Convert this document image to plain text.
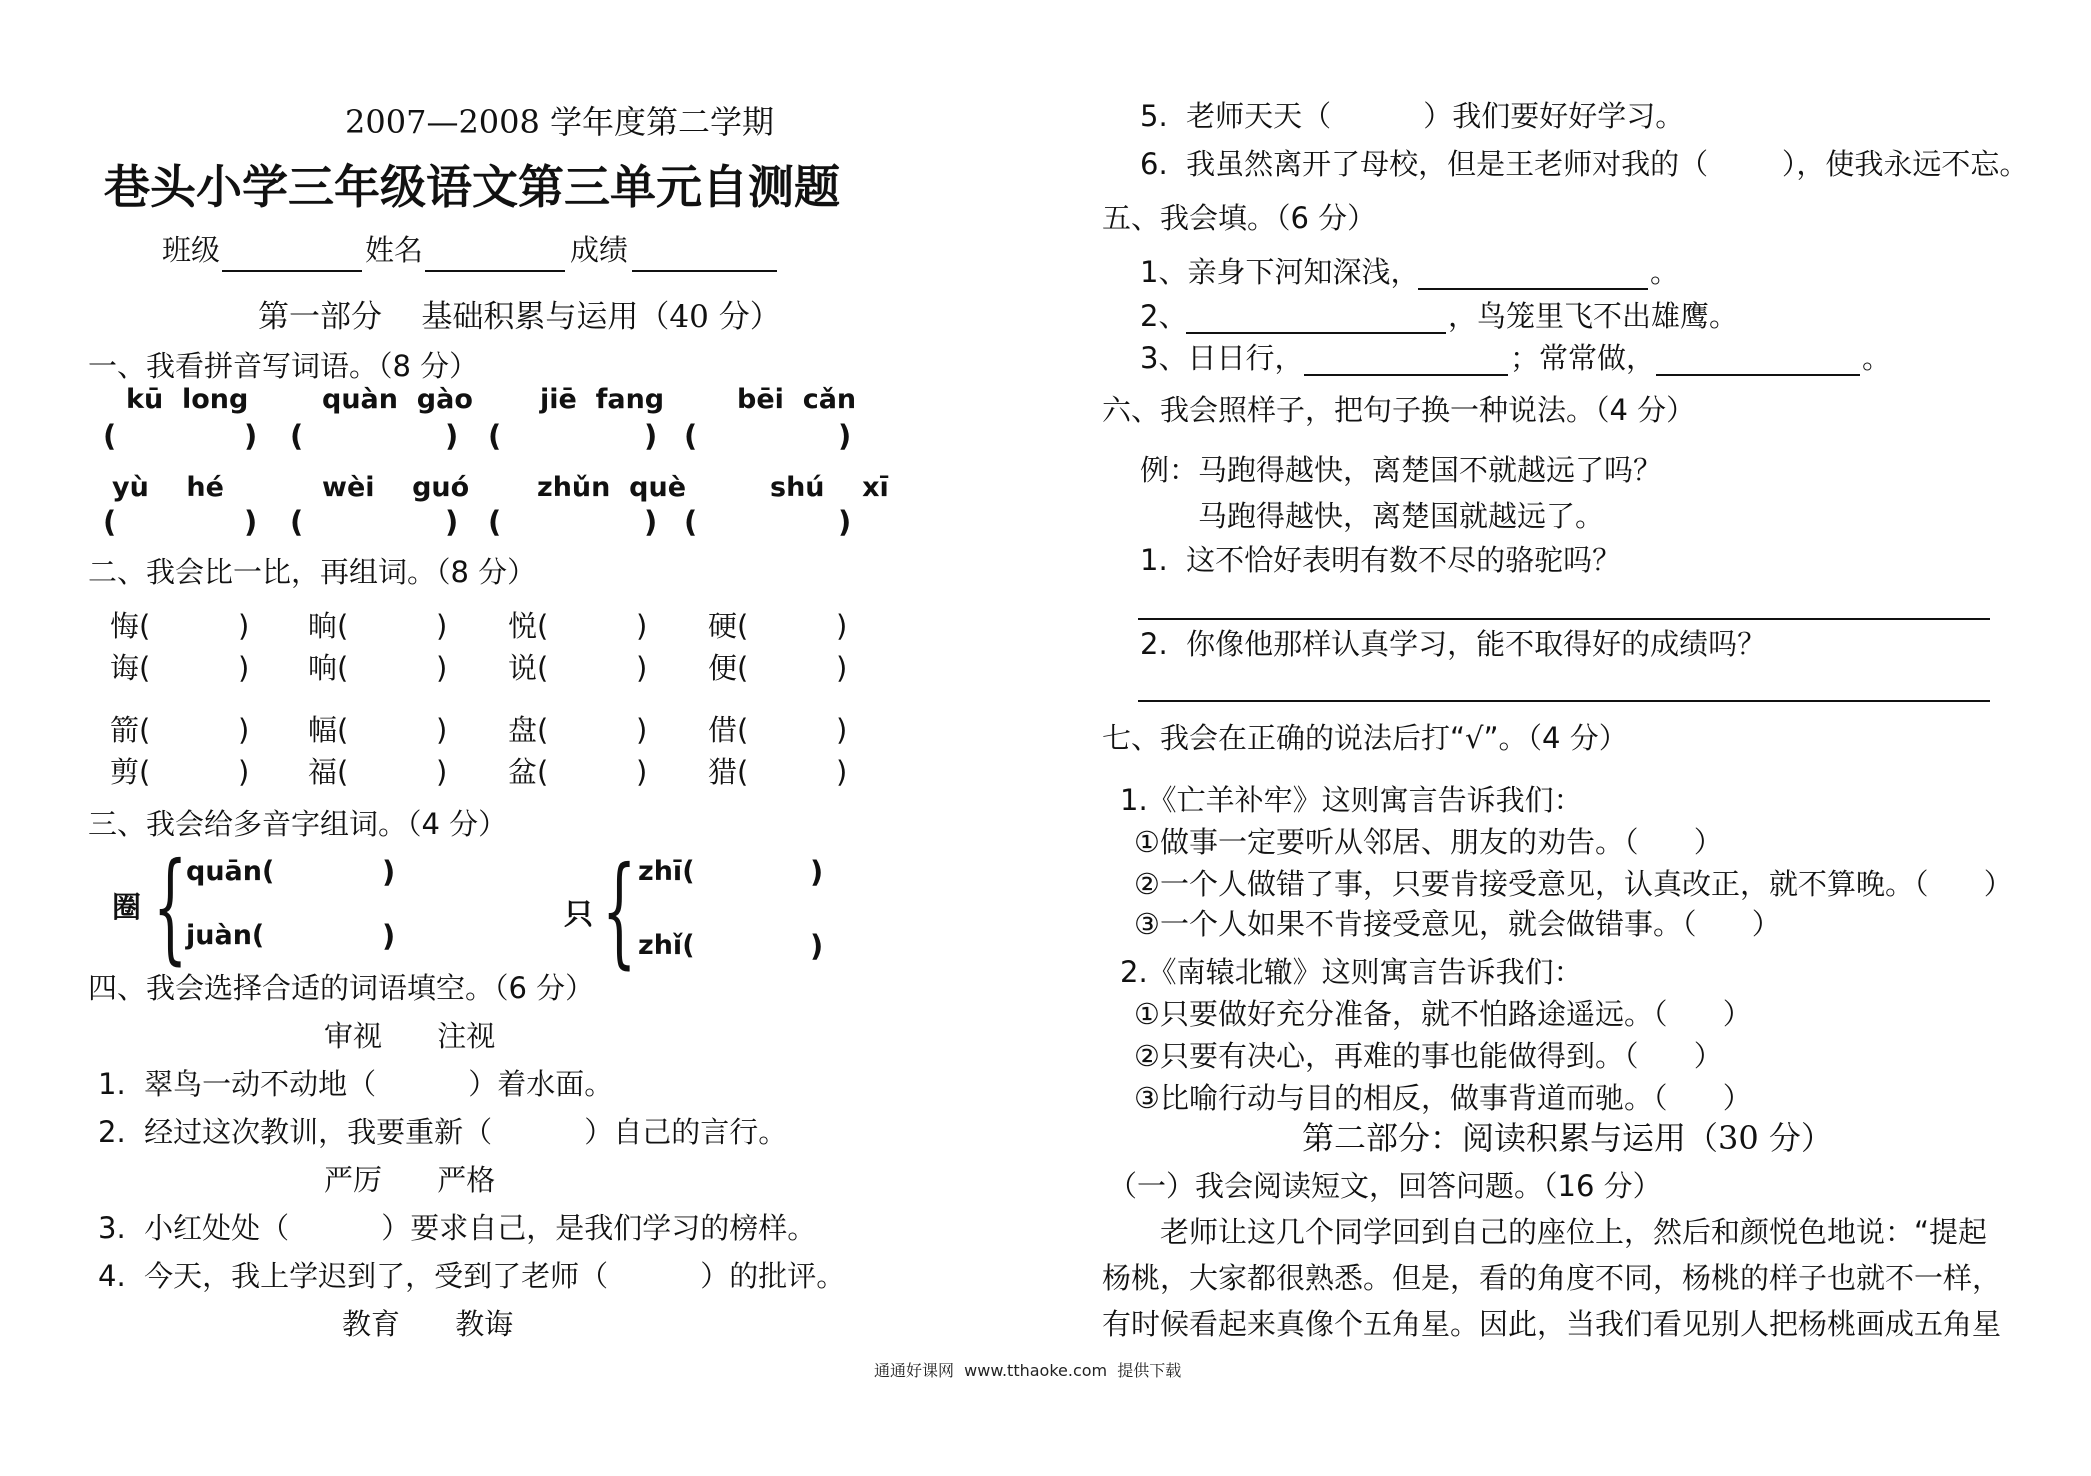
2007—2008 学年度第二学期
巷头小学三年级语文第三单元自测题
班级	姓名	成绩
第一部分    基础积累与运用（40 分）
一、我看拼音写词语。（8 分）
kū  long	quàn  gào jiē  fang	bēi  cǎn
(	) (	) (	) (	)
yù    hé	wèi    guó	zhǔn  què	shú    xī
(	) (	) (	) (	)
二、我会比一比，再组词。（8 分）
悔(	) 晌(	) 悦(	) 硬(	)
诲(	) 响(	) 说(	) 便(	)
箭(	) 幅(	) 盘(	) 借(	)
剪(	) 福(	) 盆(	) 猎(	)
三、我会给多音字组词。（4 分）
圈 {
quān(	)
juàn(	)
只 { zhī(	)
zhǐ(	)
四、我会选择合适的词语填空。（6 分）
审视      注视
1.  翠鸟一动不动地（          ）着水面。
2.  经过这次教训，我要重新（          ）自己的言行。
严厉      严格
3.  小红处处（          ）要求自己，是我们学习的榜样。
4.  今天，我上学迟到了，受到了老师（          ）的批评。
教育      教诲
5.  老师天天（          ）我们要好好学习。
6.  我虽然离开了母校，但是王老师对我的（        ），使我永远不忘。
五、我会填。（6 分）
1、亲身下河知深浅，	。
2、	，鸟笼里飞不出雄鹰。
3、日日行，	；常常做，	。
六、我会照样子，把句子换一种说法。（4 分）
例：马跑得越快，离楚国不就越远了吗？
马跑得越快，离楚国就越远了。
1.  这不恰好表明有数不尽的骆驼吗？
2.  你像他那样认真学习，能不取得好的成绩吗？
七、我会在正确的说法后打“√”。（4 分）
1.《亡羊补牢》这则寓言告诉我们：
①做事一定要听从邻居、朋友的劝告。（      ）
②一个人做错了事，只要肯接受意见，认真改正，就不算晚。（      ）
③一个人如果不肯接受意见，就会做错事。（      ）
2.《南辕北辙》这则寓言告诉我们：
①只要做好充分准备，就不怕路途遥远。（      ）
②只要有决心，再难的事也能做得到。（      ）
③比喻行动与目的相反，做事背道而驰。（      ）
第二部分：阅读积累与运用（30 分）
（一）我会阅读短文，回答问题。（16 分）
老师让这几个同学回到自己的座位上，然后和颜悦色地说：“提起
杨桃，大家都很熟悉。但是，看的角度不同，杨桃的样子也就不一样，
有时候看起来真像个五角星。因此，当我们看见别人把杨桃画成五角星
通通好课网  www.tthaoke.com  提供下载
